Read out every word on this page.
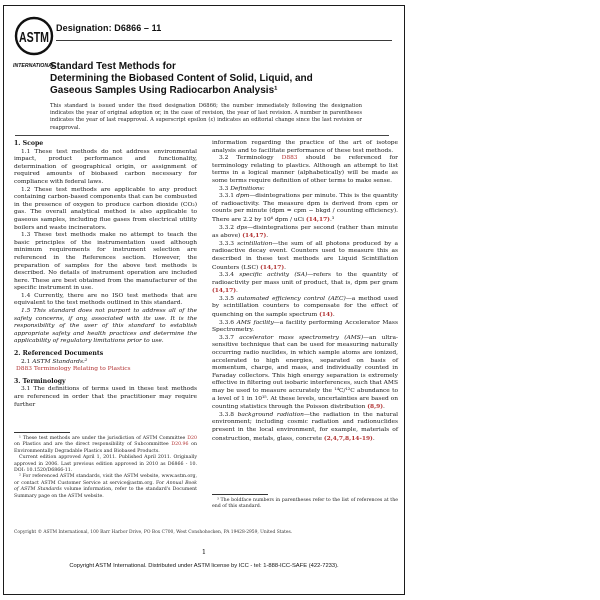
ASTM
INTERNATIONAL
Designation: D6866 – 11
Standard Test Methods for
Determining the Biobased Content of Solid, Liquid, and
Gaseous Samples Using Radiocarbon Analysis¹
This standard is issued under the fixed designation D6866; the number immediately following the designation indicates the year of original adoption or, in the case of revision, the year of last revision. A number in parentheses indicates the year of last reapproval. A superscript epsilon (ε) indicates an editorial change since the last revision or reapproval.
1. Scope
1.1 These test methods do not address environmental impact, product performance and functionality, determination of geographical origin, or assignment of required amounts of biobased carbon necessary for compliance with federal laws.
1.2 These test methods are applicable to any product containing carbon-based components that can be combusted in the presence of oxygen to produce carbon dioxide (CO₂) gas. The overall analytical method is also applicable to gaseous samples, including flue gases from electrical utility boilers and waste incinerators.
1.3 These test methods make no attempt to teach the basic principles of the instrumentation used although minimum requirements for instrument selection are referenced in the References section. However, the preparation of samples for the above test methods is described. No details of instrument operation are included here. These are best obtained from the manufacturer of the specific instrument in use.
1.4 Currently, there are no ISO test methods that are equivalent to the test methods outlined in this standard.
1.5 This standard does not purport to address all of the safety concerns, if any, associated with its use. It is the responsibility of the user of this standard to establish appropriate safety and health practices and determine the applicability of regulatory limitations prior to use.
2. Referenced Documents
2.1 ASTM Standards:²
D883 Terminology Relating to Plastics
3. Terminology
3.1 The definitions of terms used in these test methods are referenced in order that the practitioner may require further
information regarding the practice of the art of isotope analysis and to facilitate performance of these test methods.
3.2 Terminology D883 should be referenced for terminology relating to plastics. Although an attempt to list terms in a logical manner (alphabetically) will be made as some terms require definition of other terms to make sense.
3.3 Definitions:
3.3.1 dpm—disintegrations per minute. This is the quantity of radioactivity. The measure dpm is derived from cpm or counts per minute (dpm = cpm − bkgd / counting efficiency). There are 2.2 by 10⁶ dpm / uCi (14,17).³
3.3.2 dps—disintegrations per second (rather than minute as above) (14,17).
3.3.3 scintillation—the sum of all photons produced by a radioactive decay event. Counters used to measure this as described in these test methods are Liquid Scintillation Counters (LSC) (14,17).
3.3.4 specific activity (SA)—refers to the quantity of radioactivity per mass unit of product, that is, dpm per gram (14,17).
3.3.5 automated efficiency control (AEC)—a method used by scintillation counters to compensate for the effect of quenching on the sample spectrum (14).
3.3.6 AMS facility—a facility performing Accelerator Mass Spectrometry.
3.3.7 accelerator mass spectrometry (AMS)—an ultra-sensitive technique that can be used for measuring naturally occurring radio nuclides, in which sample atoms are ionized, accelerated to high energies, separated on basis of momentum, charge, and mass, and individually counted in Faraday collectors. This high energy separation is extremely effective in filtering out isobaric interferences, such that AMS may be used to measure accurately the ¹⁴C/¹²C abundance to a level of 1 in 10¹⁵. At these levels, uncertainties are based on counting statistics through the Poisson distribution (8,9).
3.3.8 background radiation—the radiation in the natural environment; including cosmic radiation and radionuclides present in the local environment, for example, materials of construction, metals, glass, concrete (2,4,7,8,14-19).
¹ These test methods are under the jurisdiction of ASTM Committee D20 on Plastics and are the direct responsibility of Subcommittee D20.96 on Environmentally Degradable Plastics and Biobased Products.
Current edition approved April 1, 2011. Published April 2011. Originally approved in 2006. Last previous edition approved in 2010 as D6866 - 10. DOI: 10.1520/D6866-11.
² For referenced ASTM standards, visit the ASTM website, www.astm.org, or contact ASTM Customer Service at service@astm.org. For Annual Book of ASTM Standards volume information, refer to the standard's Document Summary page on the ASTM website.
³ The boldface numbers in parentheses refer to the list of references at the end of this standard.
Copyright © ASTM International, 100 Barr Harbor Drive, PO Box C700, West Conshohocken, PA 19428-2959, United States.
1
Copyright ASTM International. Distributed under ASTM license by ICC - tel: 1-888-ICC-SAFE (422-7233).
